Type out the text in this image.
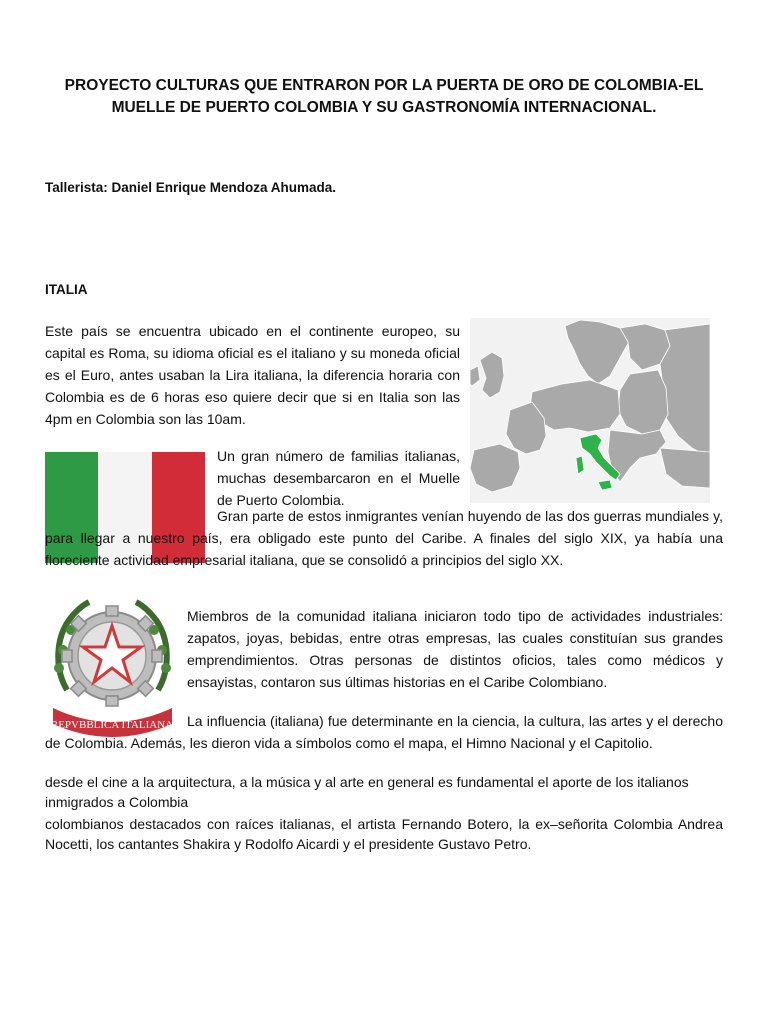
PROYECTO CULTURAS QUE ENTRARON POR LA PUERTA DE ORO DE COLOMBIA-EL MUELLE DE PUERTO COLOMBIA Y SU GASTRONOMÍA INTERNACIONAL.

Tallerista: Daniel Enrique Mendoza Ahumada.

ITALIA

Este país se encuentra ubicado en el continente europeo, su capital es Roma, su idioma oficial es el italiano y su moneda oficial es el Euro, antes usaban la Lira italiana, la diferencia horaria con Colombia es de 6 horas eso quiere decir que si en Italia son las 4pm en Colombia son las 10am.

Un gran número de familias italianas, muchas desembarcaron en el Muelle de Puerto Colombia.

Gran parte de estos inmigrantes venían huyendo de las dos guerras mundiales y, para llegar a nuestro país, era obligado este punto del Caribe. A finales del siglo XIX, ya había una floreciente actividad empresarial italiana, que se consolidó a principios del siglo XX.

REPVBBLICA ITALIANA

Miembros de la comunidad italiana iniciaron todo tipo de actividades industriales: zapatos, joyas, bebidas, entre otras empresas, las cuales constituían sus grandes emprendimientos. Otras personas de distintos oficios, tales como médicos y ensayistas, contaron sus últimas historias en el Caribe Colombiano.

La influencia (italiana) fue determinante en la ciencia, la cultura, las artes y el derecho de Colombia. Además, les dieron vida a símbolos como el mapa, el Himno Nacional y el Capitolio.

desde el cine a la arquitectura, a la música y al arte en general es fundamental el aporte de los italianos inmigrados a Colombia

colombianos destacados con raíces italianas, el artista Fernando Botero, la ex–señorita Colombia Andrea Nocetti, los cantantes Shakira y Rodolfo Aicardi y el presidente Gustavo Petro.
